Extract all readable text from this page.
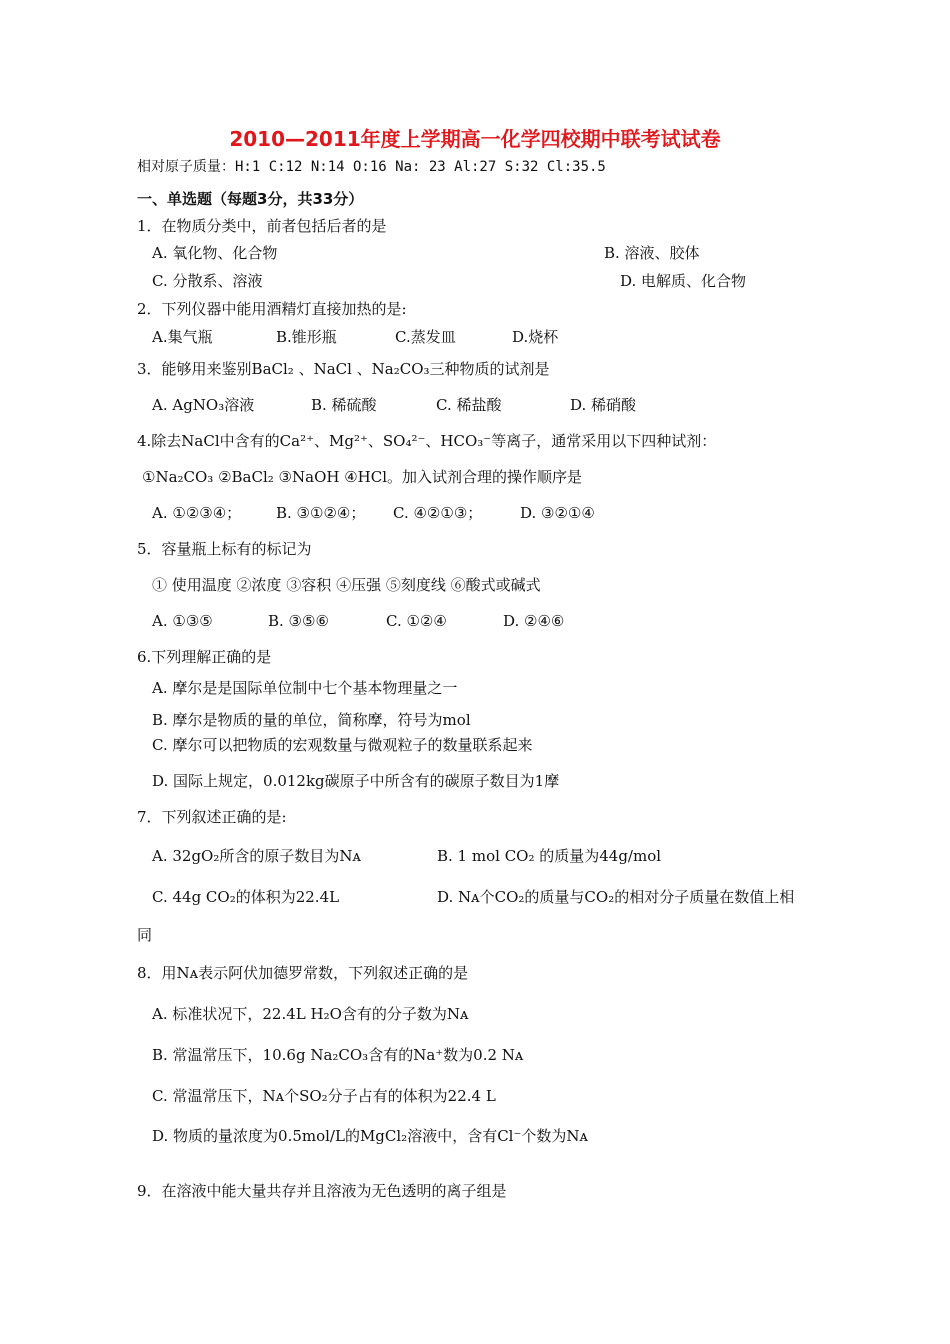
2010—2011年度上学期高一化学四校期中联考试试卷
相对原子质量：H:1 C:12 N:14 O:16 Na: 23 Al:27 S:32 Cl:35.5
一、单选题（每题3分，共33分）
1．在物质分类中，前者包括后者的是
A. 氧化物、化合物	B. 溶液、胶体
C. 分散系、溶液	D. 电解质、化合物
2．下列仪器中能用酒精灯直接加热的是:
A.集气瓶	B.锥形瓶	C.蒸发皿	D.烧杯
3．能够用来鉴别BaCl₂ 、NaCl 、Na₂CO₃三种物质的试剂是
A. AgNO₃溶液	B. 稀硫酸	C. 稀盐酸	D. 稀硝酸
4.除去NaCl中含有的Ca²⁺、Mg²⁺、SO₄²⁻、HCO₃⁻等离子，通常采用以下四种试剂：
①Na₂CO₃ ②BaCl₂ ③NaOH ④HCl。加入试剂合理的操作顺序是
A. ①②③④； B. ③①②④； C. ④②①③；	D. ③②①④
5．容量瓶上标有的标记为
① 使用温度 ②浓度 ③容积 ④压强 ⑤刻度线 ⑥酸式或碱式
A. ①③⑤	B. ③⑤⑥	C. ①②④	D. ②④⑥
6.下列理解正确的是
A. 摩尔是是国际单位制中七个基本物理量之一
B. 摩尔是物质的量的单位，简称摩，符号为mol
C. 摩尔可以把物质的宏观数量与微观粒子的数量联系起来
D. 国际上规定，0.012kg碳原子中所含有的碳原子数目为1摩
7．下列叙述正确的是:
A. 32gO₂所含的原子数目为Nᴀ	B. 1 mol CO₂ 的质量为44g/mol
C. 44g CO₂的体积为22.4L	D. Nᴀ个CO₂的质量与CO₂的相对分子质量在数值上相
同
8．用Nᴀ表示阿伏加德罗常数，下列叙述正确的是
A. 标准状况下，22.4L H₂O含有的分子数为Nᴀ
B. 常温常压下，10.6g Na₂CO₃含有的Na⁺数为0.2 Nᴀ
C. 常温常压下，Nᴀ个SO₂分子占有的体积为22.4 L
D. 物质的量浓度为0.5mol/L的MgCl₂溶液中，含有Cl⁻个数为Nᴀ
9．在溶液中能大量共存并且溶液为无色透明的离子组是
